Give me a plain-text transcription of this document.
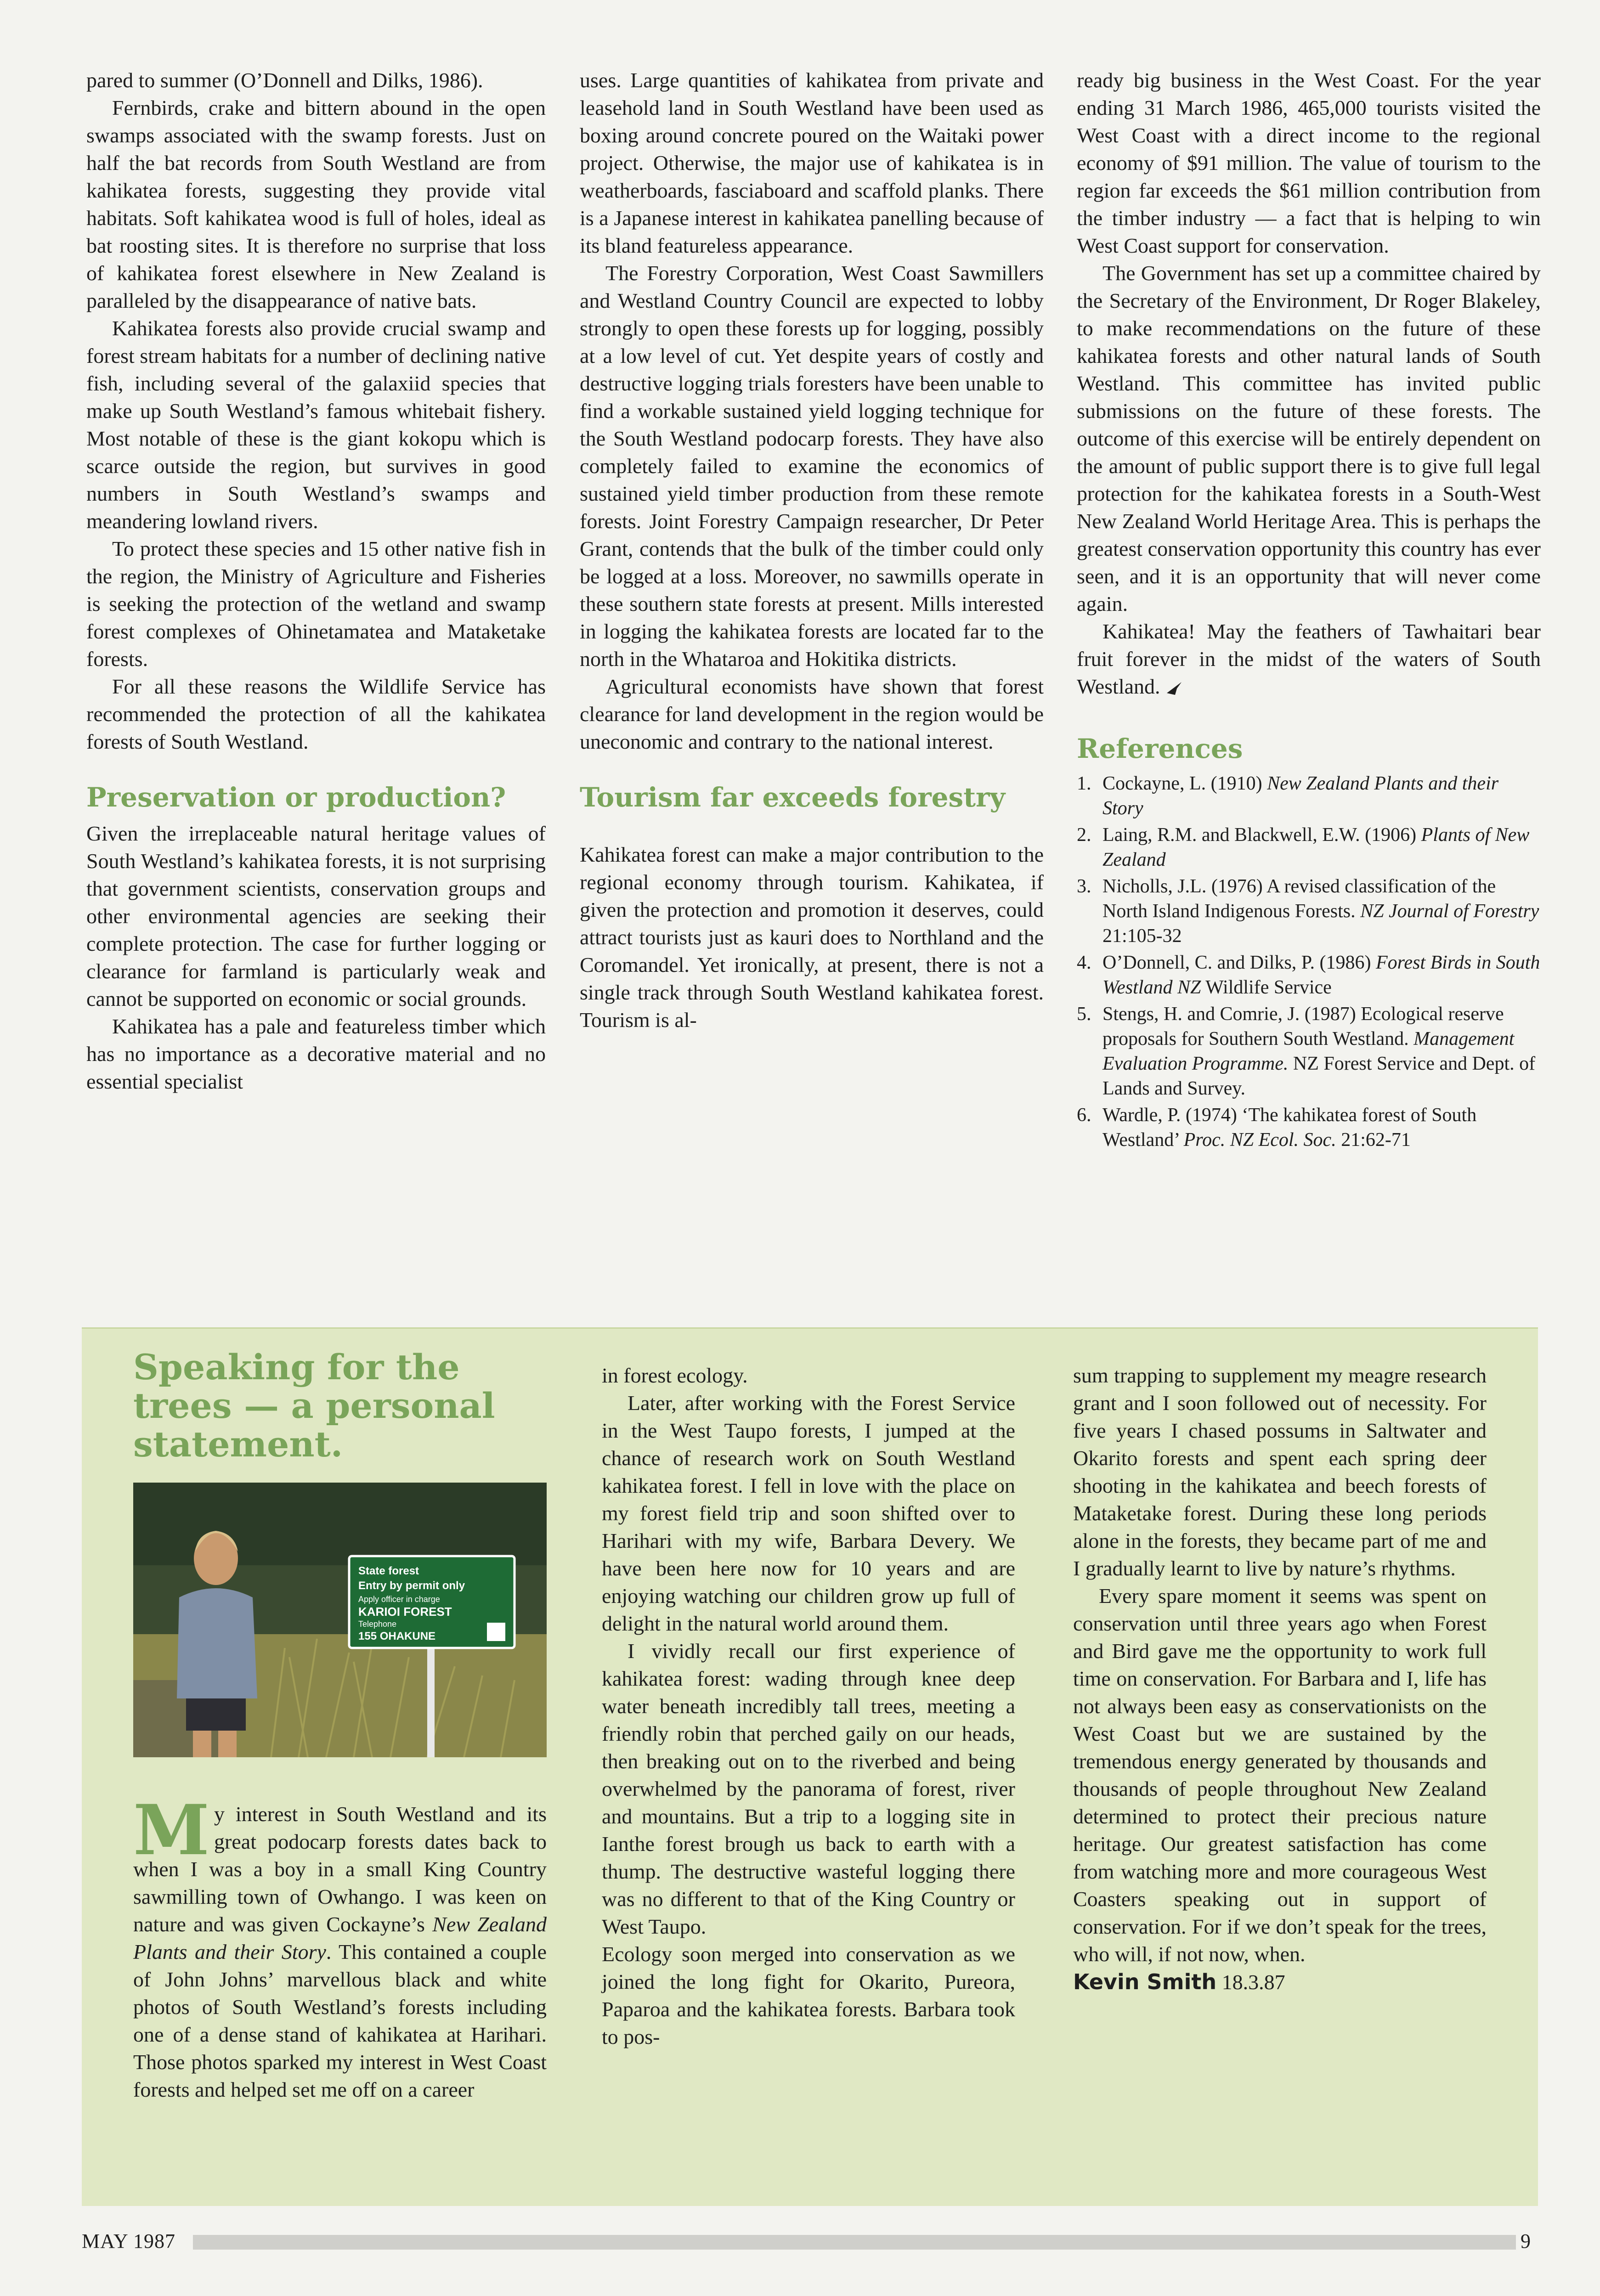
pared to summer (O’Donnell and Dilks, 1986).

Fernbirds, crake and bittern abound in the open swamps associated with the swamp forests. Just on half the bat records from South Westland are from kahikatea forests, suggesting they provide vital habitats. Soft kahikatea wood is full of holes, ideal as bat roosting sites. It is therefore no surprise that loss of kahikatea forest elsewhere in New Zealand is paralleled by the disappearance of native bats.

Kahikatea forests also provide crucial swamp and forest stream habitats for a number of declining native fish, including several of the galaxiid species that make up South Westland’s famous whitebait fishery. Most notable of these is the giant kokopu which is scarce outside the region, but survives in good numbers in South Westland’s swamps and meandering lowland rivers.

To protect these species and 15 other native fish in the region, the Ministry of Agriculture and Fisheries is seeking the protection of the wetland and swamp forest complexes of Ohinetamatea and Mataketake forests.

For all these reasons the Wildlife Service has recommended the protection of all the kahikatea forests of South Westland.

Preservation or production?

Given the irreplaceable natural heritage values of South Westland’s kahikatea forests, it is not surprising that government scientists, conservation groups and other environmental agencies are seeking their complete protection. The case for further logging or clearance for farmland is particularly weak and cannot be supported on economic or social grounds.

Kahikatea has a pale and featureless timber which has no importance as a decorative material and no essential specialist

uses. Large quantities of kahikatea from private and leasehold land in South Westland have been used as boxing around concrete poured on the Waitaki power project. Otherwise, the major use of kahikatea is in weatherboards, fasciaboard and scaffold planks. There is a Japanese interest in kahikatea panelling because of its bland featureless appearance.

The Forestry Corporation, West Coast Sawmillers and Westland Country Council are expected to lobby strongly to open these forests up for logging, possibly at a low level of cut. Yet despite years of costly and destructive logging trials foresters have been unable to find a workable sustained yield logging technique for the South Westland podocarp forests. They have also completely failed to examine the economics of sustained yield timber production from these remote forests. Joint Forestry Campaign researcher, Dr Peter Grant, contends that the bulk of the timber could only be logged at a loss. Moreover, no sawmills operate in these southern state forests at present. Mills interested in logging the kahikatea forests are located far to the north in the Whataroa and Hokitika districts.

Agricultural economists have shown that forest clearance for land development in the region would be uneconomic and contrary to the national interest.

Tourism far exceeds forestry

Kahikatea forest can make a major contribution to the regional economy through tourism. Kahikatea, if given the protection and promotion it deserves, could attract tourists just as kauri does to Northland and the Coromandel. Yet ironically, at present, there is not a single track through South Westland kahikatea forest. Tourism is al-

ready big business in the West Coast. For the year ending 31 March 1986, 465,000 tourists visited the West Coast with a direct income to the regional economy of $91 million. The value of tourism to the region far exceeds the $61 million contribution from the timber industry — a fact that is helping to win West Coast support for conservation.

The Government has set up a committee chaired by the Secretary of the Environment, Dr Roger Blakeley, to make recommendations on the future of these kahikatea forests and other natural lands of South Westland. This committee has invited public submissions on the future of these forests. The outcome of this exercise will be entirely dependent on the amount of public support there is to give full legal protection for the kahikatea forests in a South-West New Zealand World Heritage Area. This is perhaps the greatest conservation opportunity this country has ever seen, and it is an opportunity that will never come again.

Kahikatea! May the feathers of Tawhaitari bear fruit forever in the midst of the waters of South Westland.

References
1. Cockayne, L. (1910) New Zealand Plants and their Story
2. Laing, R.M. and Blackwell, E.W. (1906) Plants of New Zealand
3. Nicholls, J.L. (1976) A revised classification of the North Island Indigenous Forests. NZ Journal of Forestry 21:105-32
4. O’Donnell, C. and Dilks, P. (1986) Forest Birds in South Westland NZ Wildlife Service
5. Stengs, H. and Comrie, J. (1987) Ecological reserve proposals for Southern South Westland. Management Evaluation Programme. NZ Forest Service and Dept. of Lands and Survey.
6. Wardle, P. (1974) ‘The kahikatea forest of South Westland’ Proc. NZ Ecol. Soc. 21:62-71
Speaking for the trees — a personal statement.
State forest
Entry by permit only
Apply officer in charge
KARIOI FOREST
Telephone
155 OHAKUNE

My interest in South Westland and its great podocarp forests dates back to when I was a boy in a small King Country sawmilling town of Owhango. I was keen on nature and was given Cockayne’s New Zealand Plants and their Story. This contained a couple of John Johns’ marvellous black and white photos of South Westland’s forests including one of a dense stand of kahikatea at Harihari. Those photos sparked my interest in West Coast forests and helped set me off on a career

in forest ecology.

Later, after working with the Forest Service in the West Taupo forests, I jumped at the chance of research work on South Westland kahikatea forest. I fell in love with the place on my forest field trip and soon shifted over to Harihari with my wife, Barbara Devery. We have been here now for 10 years and are enjoying watching our children grow up full of delight in the natural world around them.

I vividly recall our first experience of kahikatea forest: wading through knee deep water beneath incredibly tall trees, meeting a friendly robin that perched gaily on our heads, then breaking out on to the riverbed and being overwhelmed by the panorama of forest, river and mountains. But a trip to a logging site in Ianthe forest brough us back to earth with a thump. The destructive wasteful logging there was no different to that of the King Country or West Taupo.

Ecology soon merged into conservation as we joined the long fight for Okarito, Pureora, Paparoa and the kahikatea forests. Barbara took to pos-

sum trapping to supplement my meagre research grant and I soon followed out of necessity. For five years I chased possums in Saltwater and Okarito forests and spent each spring deer shooting in the kahikatea and beech forests of Mataketake forest. During these long periods alone in the forests, they became part of me and I gradually learnt to live by nature’s rhythms.

Every spare moment it seems was spent on conservation until three years ago when Forest and Bird gave me the opportunity to work full time on conservation. For Barbara and I, life has not always been easy as conservationists on the West Coast but we are sustained by the tremendous energy generated by thousands and thousands of people throughout New Zealand determined to protect their precious nature heritage. Our greatest satisfaction has come from watching more and more courageous West Coasters speaking out in support of conservation. For if we don’t speak for the trees, who will, if not now, when.

Kevin Smith 18.3.87

MAY 1987	9
